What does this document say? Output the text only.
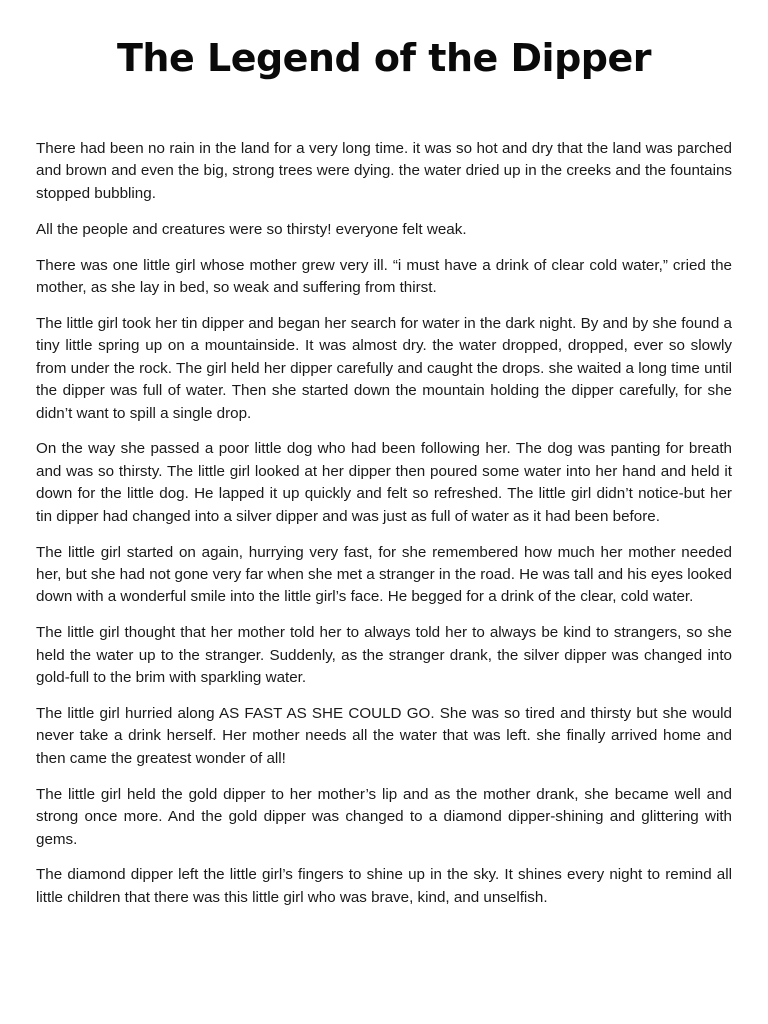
The Legend of the Dipper

There had been no rain in the land for a very long time. it was so hot and dry that the land was parched and brown and even the big, strong trees were dying. the water dried up in the creeks and the fountains stopped bubbling.

All the people and creatures were so thirsty! everyone felt weak.

There was one little girl whose mother grew very ill. “i must have a drink of clear cold water,” cried the mother, as she lay in bed, so weak and suffering from thirst.

The little girl took her tin dipper and began her search for water in the dark night. By and by she found a tiny little spring up on a mountainside. It was almost dry. the water dropped, dropped, ever so slowly from under the rock. The girl held her dipper carefully and caught the drops. she waited a long time until the dipper was full of water. Then she started down the mountain holding the dipper carefully, for she didn’t want to spill a single drop.

On the way she passed a poor little dog who had been following her. The dog was panting for breath and was so thirsty. The little girl looked at her dipper then poured some water into her hand and held it down for the little dog. He lapped it up quickly and felt so refreshed. The little girl didn’t notice-but her tin dipper had changed into a silver dipper and was just as full of water as it had been before.

The little girl started on again, hurrying very fast, for she remembered how much her mother needed her, but she had not gone very far when she met a stranger in the road. He was tall and his eyes looked down with a wonderful smile into the little girl’s face. He begged for a drink of the clear, cold water.

The little girl thought that her mother told her to always told her to always be kind to strangers, so she held the water up to the stranger. Suddenly, as the stranger drank, the silver dipper was changed into gold-full to the brim with sparkling water.

The little girl hurried along AS FAST AS SHE COULD GO. She was so tired and thirsty but she would never take a drink herself. Her mother needs all the water that was left. she finally arrived home and then came the greatest wonder of all!

The little girl held the gold dipper to her mother’s lip and as the mother drank, she became well and strong once more. And the gold dipper was changed to a diamond dipper-shining and glittering with gems.

The diamond dipper left the little girl’s fingers to shine up in the sky. It shines every night to remind all little children that there was this little girl who was brave, kind, and unselfish.
